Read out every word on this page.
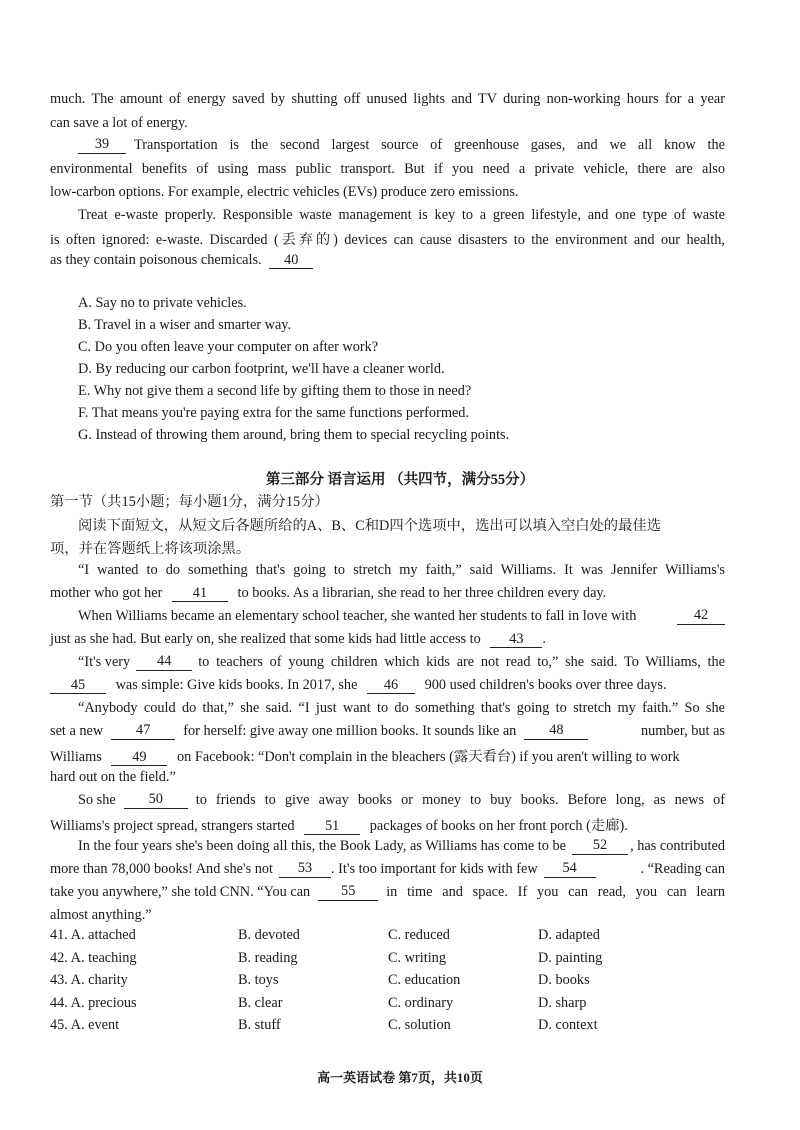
much. The amount of energy saved by shutting off unused lights and TV during non-working hours for a year
can save a lot of energy.
39	Transportation is the second largest source of greenhouse gases, and we all know the
environmental benefits of using mass public transport. But if you need a private vehicle, there are also
low-carbon options. For example, electric vehicles (EVs) produce zero emissions.
Treat e-waste properly. Responsible waste management is key to a green lifestyle, and one type of waste
is often ignored: e-waste. Discarded (丢弃的) devices can cause disasters to the environment and our health,
as they contain poisonous chemicals. 40
A. Say no to private vehicles.
B. Travel in a wiser and smarter way.
C. Do you often leave your computer on after work?
D. By reducing our carbon footprint, we'll have a cleaner world.
E. Why not give them a second life by gifting them to those in need?
F. That means you're paying extra for the same functions performed.
G. Instead of throwing them around, bring them to special recycling points.
第三部分 语言运用 （共四节，满分55分）
第一节（共15小题；每小题1分，满分15分）
阅读下面短文，从短文后各题所给的A、B、C和D四个选项中，选出可以填入空白处的最佳选
项，并在答题纸上将该项涂黑。
“I wanted to do something that's going to stretch my faith,” said Williams. It was Jennifer Williams's
mother who got her 41 to books. As a librarian, she read to her three children every day.
When Williams became an elementary school teacher, she wanted her students to fall in love with	42
just as she had. But early on, she realized that some kids had little access to 43 .
“It's very	44	to teachers of young children which kids are not read to,” she said. To Williams, the
45 was simple: Give kids books. In 2017, she 46 900 used children's books over three days.
“Anybody could do that,” she said. “I just want to do something that's going to stretch my faith.” So she
set a new	47	for herself: give away one million books. It sounds like an	48	number, but as
Williams 49 on Facebook: “Don't complain in the bleachers (露天看台) if you aren't willing to work
hard out on the field.”
So she	50	to friends to give away books or money to buy books. Before long, as news of
Williams's project spread, strangers started 51 packages of books on her front porch (走廊).
In the four years she's been doing all this, the Book Lady, as Williams has come to be	52	, has contributed
more than 78,000 books! And she's not	53	. It's too important for kids with few	54	. “Reading can
take you anywhere,” she told CNN. “You can	55	in time and space. If you can read, you can learn
almost anything.”
41. A. attached	B. devoted	C. reduced	D. adapted
42. A. teaching	B. reading	C. writing	D. painting
43. A. charity	B. toys	C. education	D. books
44. A. precious	B. clear	C. ordinary	D. sharp
45. A. event	B. stuff	C. solution	D. context
高一英语试卷 第7页，共10页
